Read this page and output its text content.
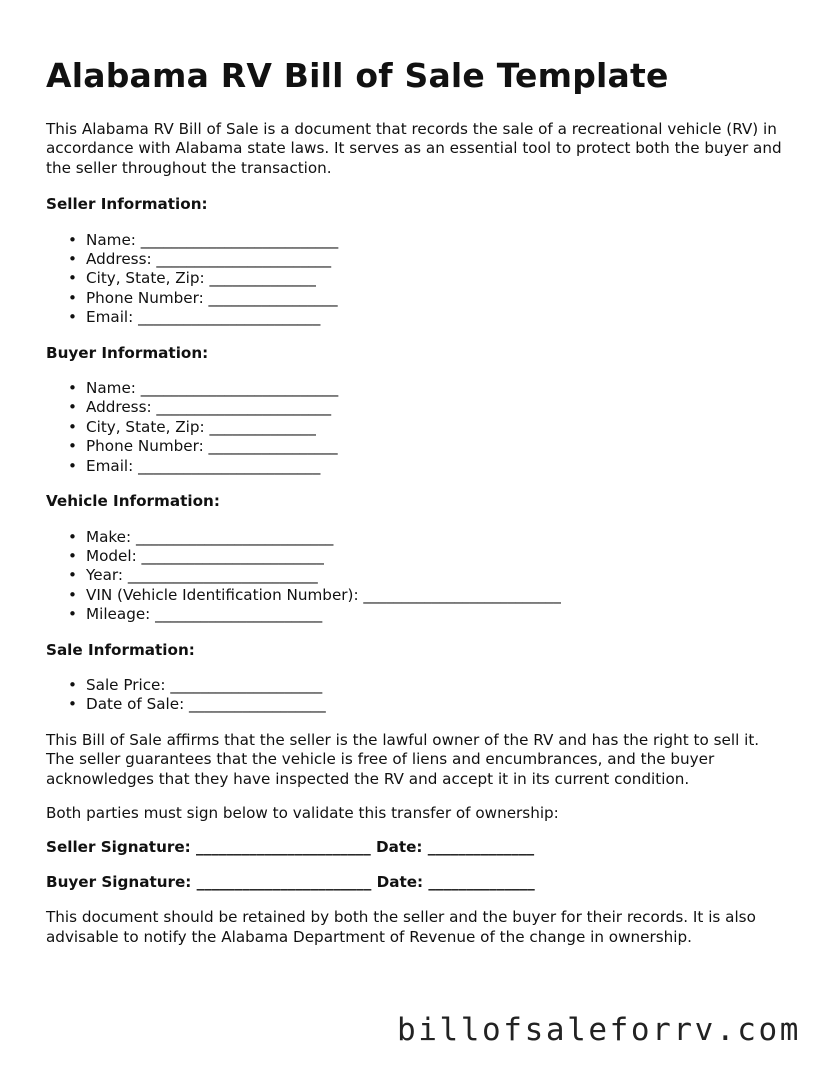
Alabama RV Bill of Sale Template

This Alabama RV Bill of Sale is a document that records the sale of a recreational vehicle (RV) in accordance with Alabama state laws. It serves as an essential tool to protect both the buyer and the seller throughout the transaction.

Seller Information:
• Name: __________________________
• Address: _______________________
• City, State, Zip: ______________
• Phone Number: _________________
• Email: ________________________
Buyer Information:
• Name: __________________________
• Address: _______________________
• City, State, Zip: ______________
• Phone Number: _________________
• Email: ________________________
Vehicle Information:
• Make: __________________________
• Model: ________________________
• Year: _________________________
• VIN (Vehicle Identification Number): __________________________
• Mileage: ______________________
Sale Information:
• Sale Price: ____________________
• Date of Sale: __________________

This Bill of Sale affirms that the seller is the lawful owner of the RV and has the right to sell it. The seller guarantees that the vehicle is free of liens and encumbrances, and the buyer acknowledges that they have inspected the RV and accept it in its current condition.

Both parties must sign below to validate this transfer of ownership:

Seller Signature: _______________________ Date: ______________
Buyer Signature: _______________________ Date: ______________

This document should be retained by both the seller and the buyer for their records. It is also advisable to notify the Alabama Department of Revenue of the change in ownership.

billofsaleforrv.com
